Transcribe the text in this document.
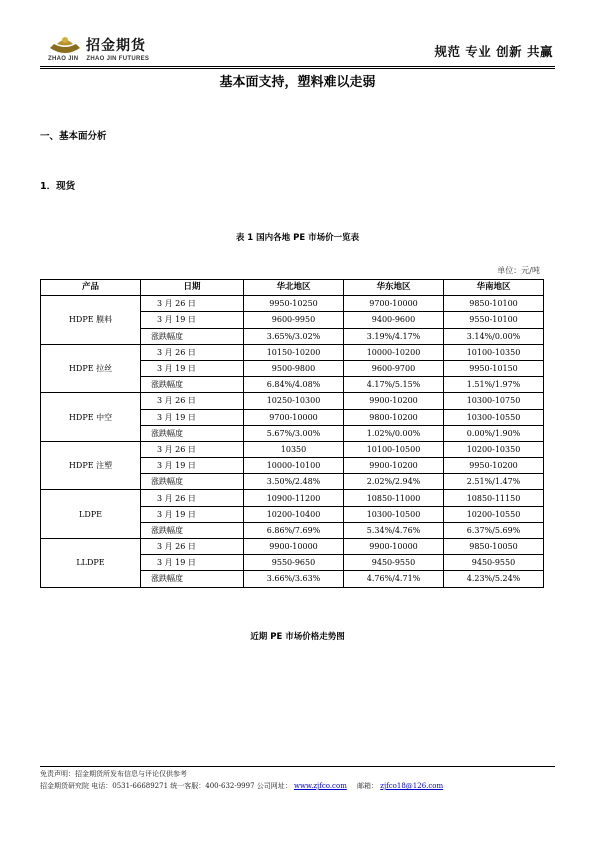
招金期货
ZHAO JIN ZHAO JIN FUTURES	规范 专业 创新 共赢
基本面支持，塑料难以走弱
一、基本面分析
1．现货
表 1 国内各地 PE 市场价一览表
单位：元/吨
产品	日期	华北地区	华东地区	华南地区
HDPE 膜料	3 月 26 日	9950-10250	9700-10000	9850-10100
	3 月 19 日	9600-9950	9400-9600	9550-10100
	涨跌幅度	3.65%/3.02%	3.19%/4.17%	3.14%/0.00%
HDPE 拉丝	3 月 26 日	10150-10200	10000-10200	10100-10350
	3 月 19 日	9500-9800	9600-9700	9950-10150
	涨跌幅度	6.84%/4.08%	4.17%/5.15%	1.51%/1.97%
HDPE 中空	3 月 26 日	10250-10300	9900-10200	10300-10750
	3 月 19 日	9700-10000	9800-10200	10300-10550
	涨跌幅度	5.67%/3.00%	1.02%/0.00%	0.00%/1.90%
HDPE 注塑	3 月 26 日	10350	10100-10500	10200-10350
	3 月 19 日	10000-10100	9900-10200	9950-10200
	涨跌幅度	3.50%/2.48%	2.02%/2.94%	2.51%/1.47%
LDPE	3 月 26 日	10900-11200	10850-11000	10850-11150
	3 月 19 日	10200-10400	10300-10500	10200-10550
	涨跌幅度	6.86%/7.69%	5.34%/4.76%	6.37%/5.69%
LLDPE	3 月 26 日	9900-10000	9900-10000	9850-10050
	3 月 19 日	9550-9650	9450-9550	9450-9550
	涨跌幅度	3.66%/3.63%	4.76%/4.71%	4.23%/5.24%
近期 PE 市场价格走势图
免责声明：招金期货所发布信息与评论仅供参考
招金期货研究院 电话：0531-66689271 统一客服：400-632-9997 公司网址： www.zjfco.com 邮箱： zjfco18@126.com
